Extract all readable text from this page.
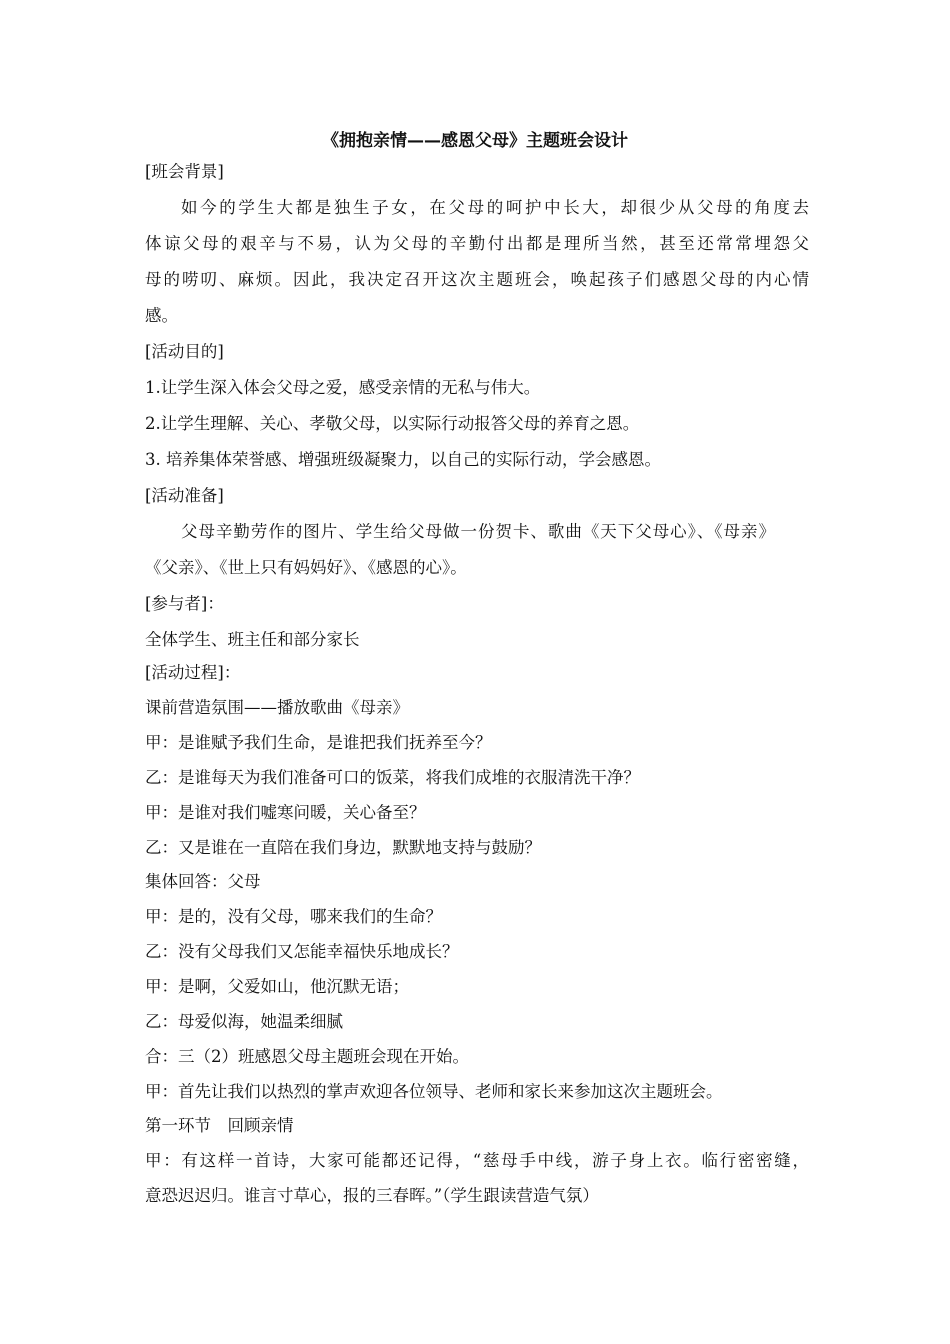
《拥抱亲情——感恩父母》主题班会设计
[班会背景]
如今的学生大都是独生子女，在父母的呵护中长大，却很少从父母的角度去
体谅父母的艰辛与不易，认为父母的辛勤付出都是理所当然，甚至还常常埋怨父
母的唠叨、麻烦。因此，我决定召开这次主题班会，唤起孩子们感恩父母的内心情
感。
[活动目的]
1.让学生深入体会父母之爱，感受亲情的无私与伟大。
2.让学生理解、关心、孝敬父母，以实际行动报答父母的养育之恩。
3. 培养集体荣誉感、增强班级凝聚力，以自己的实际行动，学会感恩。
[活动准备]
父母辛勤劳作的图片、学生给父母做一份贺卡、歌曲《天下父母心》、《母亲》
《父亲》、《世上只有妈妈好》、《感恩的心》。
[参与者]：
全体学生、班主任和部分家长
[活动过程]：
课前营造氛围——播放歌曲《母亲》
甲：是谁赋予我们生命，是谁把我们抚养至今？
乙：是谁每天为我们准备可口的饭菜，将我们成堆的衣服清洗干净？
甲：是谁对我们嘘寒问暖，关心备至？
乙：又是谁在一直陪在我们身边，默默地支持与鼓励？
集体回答：父母
甲：是的，没有父母，哪来我们的生命？
乙：没有父母我们又怎能幸福快乐地成长？
甲：是啊，父爱如山，他沉默无语；
乙：母爱似海，她温柔细腻
合：三（2）班感恩父母主题班会现在开始。
甲：首先让我们以热烈的掌声欢迎各位领导、老师和家长来参加这次主题班会。
第一环节　回顾亲情
甲：有这样一首诗，大家可能都还记得，“慈母手中线，游子身上衣。临行密密缝，
意恐迟迟归。谁言寸草心，报的三春晖。”（学生跟读营造气氛）
